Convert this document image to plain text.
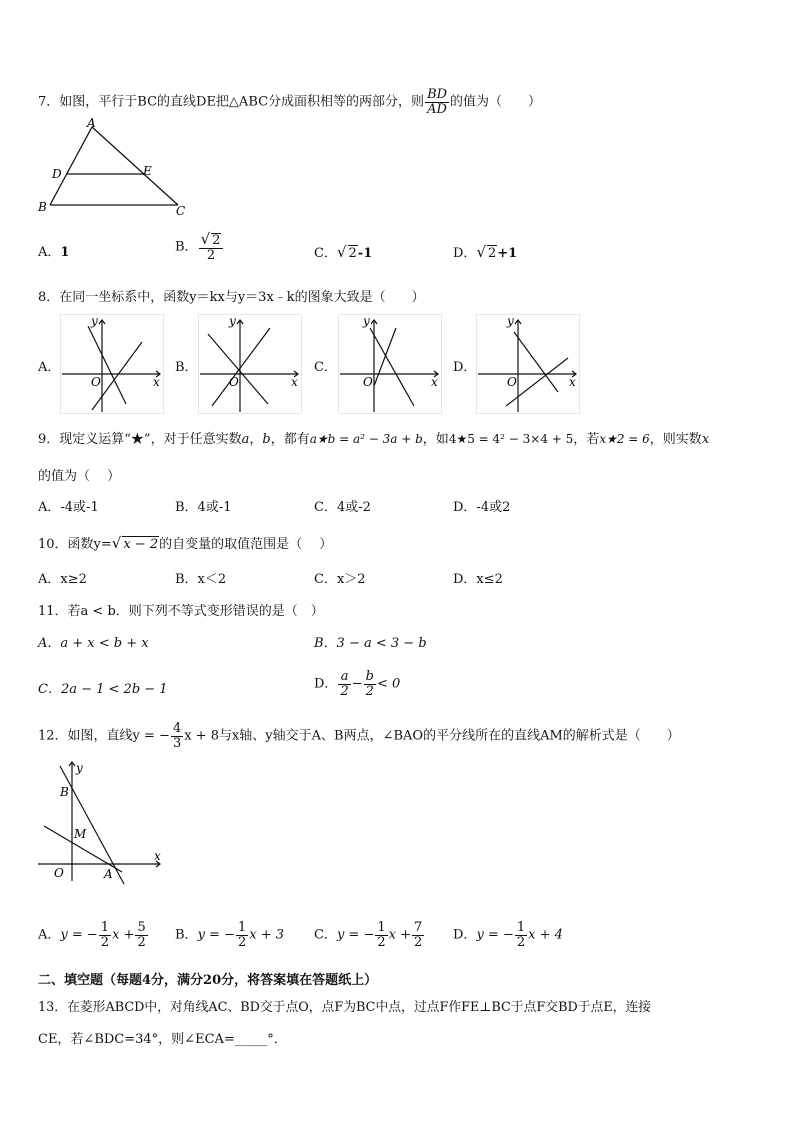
7．如图，平行于BC的直线DE把△ABC分成面积相等的两部分，则 $\frac{BD}{AD}$ 的值为（　　）
A
D	E
B	C
A．1	B． $\frac{√ 2}{2}$	C．√ 2-1	D．√ 2+1
8．在同一坐标系中，函数y＝kx与y＝3x﹣k的图象大致是（　　）
A．	B．	C．	D．
y
x
O
y
x
O
y
x
O
y
x
O
9．现定义运算“★”，对于任意实数a，b，都有a★b = a² − 3a + b，如4★5 = 4² − 3×4 + 5，若x★2 = 6，则实数x
的值为（　 ）
A．-4或-1	B．4或-1	C．4或-2	D．-4或2
10．函数y=√ x − 2的自变量的取值范围是（　 ）
A．x≥2	B．x＜2	C．x＞2	D．x≤2
11．若a < b．则下列不等式变形错误的是（　）
A．a + x < b + x	B．3 − a < 3 − b
C．2a − 1 < 2b − 1	D． $\frac{a}{2} - \frac{b}{2} < 0$
12．如图，直线y = − $\frac{4}{3}$ x + 8与x轴、y轴交于A、B两点，∠BAO的平分线所在的直线AM的解析式是（　　）
y
x
B
M
O	A
A．y = − $\frac{1}{2}$ $x + \frac{5}{2}$ B．y = − $\frac{1}{2}$ x + 3 C．y = − $\frac{1}{2}$ $x + \frac{7}{2}$ D．y = − $\frac{1}{2}$ x + 4
二、填空题（每题4分，满分20分，将答案填在答题纸上）
13．在菱形ABCD中，对角线AC、BD交于点O，点F为BC中点，过点F作FE⊥BC于点F交BD于点E，连接
CE，若∠BDC=34°，则∠ECA=_____°．
